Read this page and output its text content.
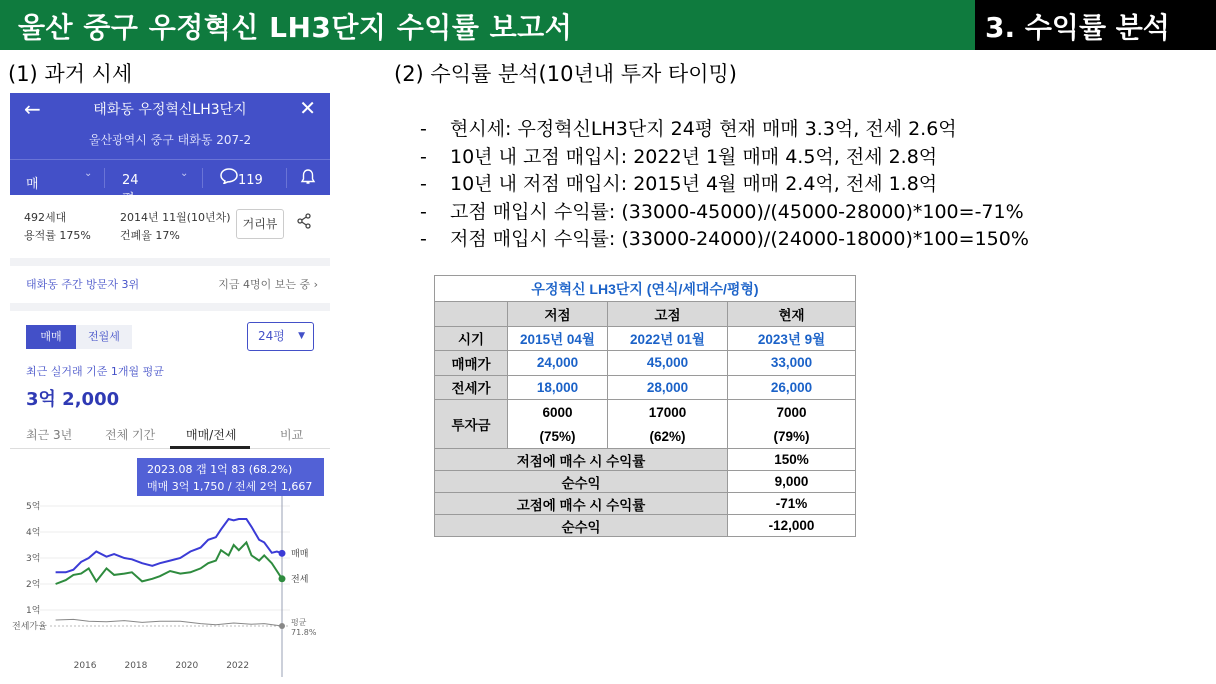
울산 중구 우정혁신 LH3단지 수익률 보고서	3. 수익률 분석
(1) 과거 시세	(2) 수익률 분석(10년내 투자 타이밍)
←	태화동 우정혁신LH3단지	✕
울산광역시 중구 태화동 207-2
매매
⌄ 24평
⌄	119
492세대
용적률 175%
2014년 11월(10년차)
건폐율 17%
거리뷰
태화동 주간 방문자 3위	지금 4명이 보는 중 ›
매매	전월세	24평 ▼
최근 실거래 기준 1개월 평균
3억 2,000
최근 3년	전체 기간	매매/전세	비교
2023.08 갭 1억 83 (68.2%)
매매 3억 1,750 / 전세 2억 1,667
5억
4억
3억
2억
1억
2016	2018	2020	2022
전세가율
매매
전세
평균
71.8%
- 현시세: 우정혁신LH3단지 24평 현재 매매 3.3억, 전세 2.6억
- 10년 내 고점 매입시: 2022년 1월 매매 4.5억, 전세 2.8억
- 10년 내 저점 매입시: 2015년 4월 매매 2.4억, 전세 1.8억
- 고점 매입시 수익률: (33000-45000)/(45000-28000)*100=-71%
- 저점 매입시 수익률: (33000-24000)/(24000-18000)*100=150%
우정혁신 LH3단지 (연식/세대수/평형)			
	저점	고점	현재
시기	2015년 04월	2022년 01월	2023년 9월
매매가	24,000	45,000	33,000
전세가	18,000	28,000	26,000
투자금	6000	17000	7000
	(75%)	(62%)	(79%)
저점에 매수 시 수익률			150%
순수익			9,000
고점에 매수 시 수익률			-71%
순수익			-12,000
